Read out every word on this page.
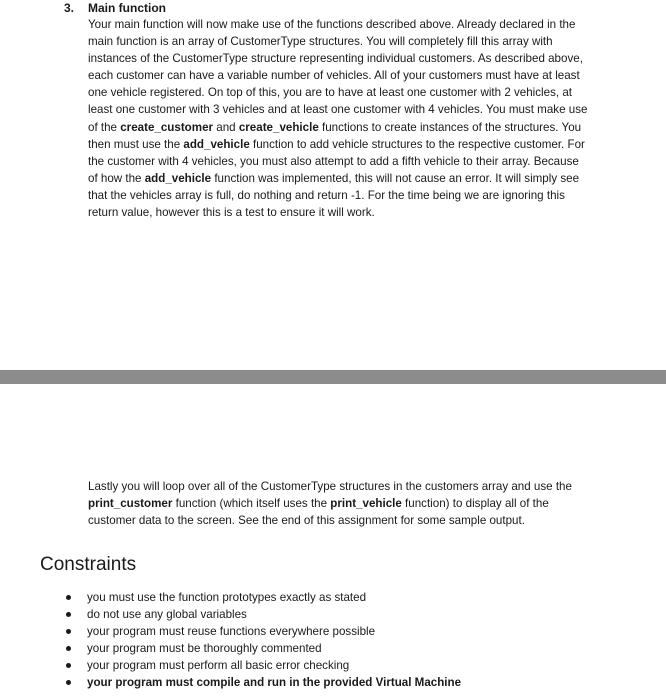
3. Main function
Your main function will now make use of the functions described above. Already declared in the
main function is an array of CustomerType structures. You will completely fill this array with
instances of the CustomerType structure representing individual customers. As described above,
each customer can have a variable number of vehicles. All of your customers must have at least
one vehicle registered. On top of this, you are to have at least one customer with 2 vehicles, at
least one customer with 3 vehicles and at least one customer with 4 vehicles. You must make use
of the create_customer and create_vehicle functions to create instances of the structures. You
then must use the add_vehicle function to add vehicle structures to the respective customer. For
the customer with 4 vehicles, you must also attempt to add a fifth vehicle to their array. Because
of how the add_vehicle function was implemented, this will not cause an error. It will simply see
that the vehicles array is full, do nothing and return -1. For the time being we are ignoring this
return value, however this is a test to ensure it will work.
Lastly you will loop over all of the CustomerType structures in the customers array and use the
print_customer function (which itself uses the print_vehicle function) to display all of the
customer data to the screen. See the end of this assignment for some sample output.
Constraints
you must use the function prototypes exactly as stated
do not use any global variables
your program must reuse functions everywhere possible
your program must be thoroughly commented
your program must perform all basic error checking
your program must compile and run in the provided Virtual Machine
